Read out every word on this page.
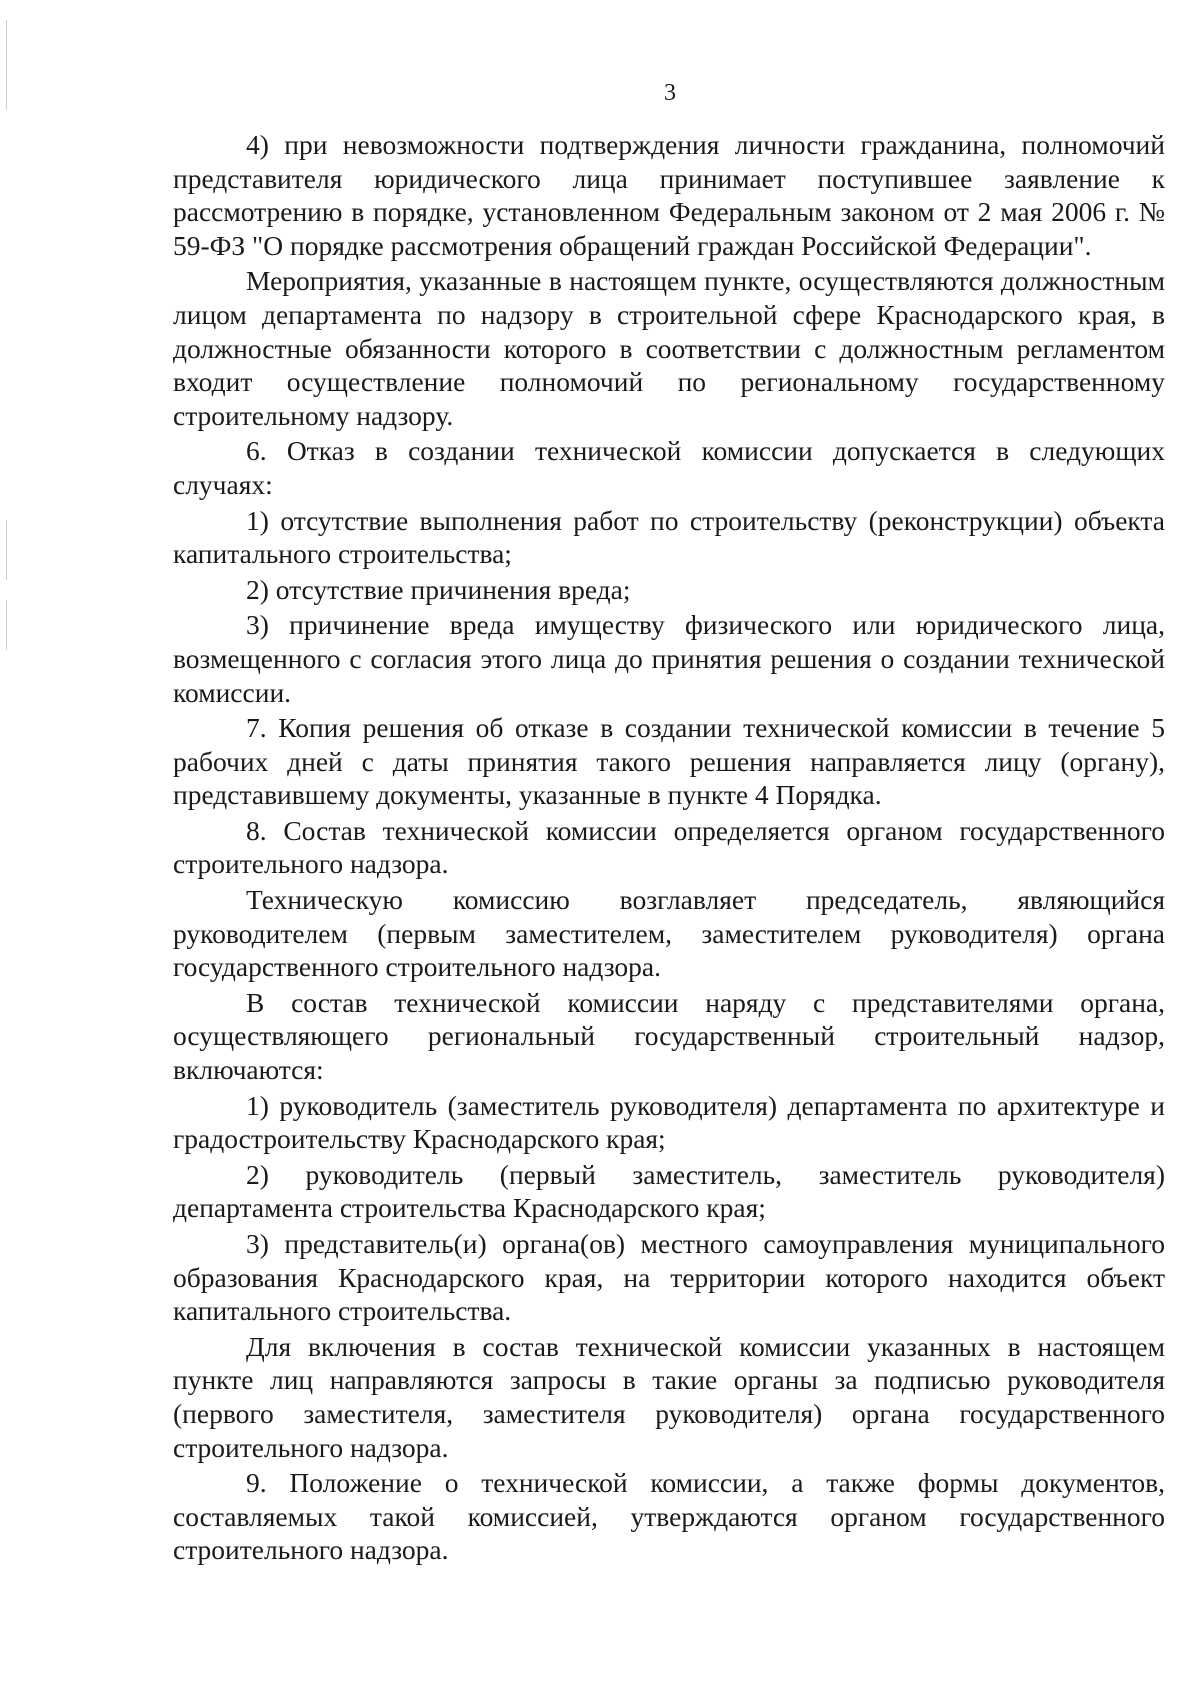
3

4) при невозможности подтверждения личности гражданина, полномочий представителя юридического лица принимает поступившее заявление к рассмотрению в порядке, установленном Федеральным законом от 2 мая 2006 г. № 59-ФЗ "О порядке рассмотрения обращений граждан Российской Федерации".

Мероприятия, указанные в настоящем пункте, осуществляются должностным лицом департамента по надзору в строительной сфере Краснодарского края, в должностные обязанности которого в соответствии с должностным регламентом входит осуществление полномочий по региональному государственному строительному надзору.

6. Отказ в создании технической комиссии допускается в следующих случаях:

1) отсутствие выполнения работ по строительству (реконструкции) объекта капитального строительства;

2) отсутствие причинения вреда;

3) причинение вреда имуществу физического или юридического лица, возмещенного с согласия этого лица до принятия решения о создании технической комиссии.

7. Копия решения об отказе в создании технической комиссии в течение 5 рабочих дней с даты принятия такого решения направляется лицу (органу), представившему документы, указанные в пункте 4 Порядка.

8. Состав технической комиссии определяется органом государственного строительного надзора.

Техническую комиссию возглавляет председатель, являющийся руководителем (первым заместителем, заместителем руководителя) органа государственного строительного надзора.

В состав технической комиссии наряду с представителями органа, осуществляющего региональный государственный строительный надзор, включаются:

1) руководитель (заместитель руководителя) департамента по архитектуре и градостроительству Краснодарского края;

2) руководитель (первый заместитель, заместитель руководителя) департамента строительства Краснодарского края;

3) представитель(и) органа(ов) местного самоуправления муниципального образования Краснодарского края, на территории которого находится объект капитального строительства.

Для включения в состав технической комиссии указанных в настоящем пункте лиц направляются запросы в такие органы за подписью руководителя (первого заместителя, заместителя руководителя) органа государственного строительного надзора.

9. Положение о технической комиссии, а также формы документов, составляемых такой комиссией, утверждаются органом государственного строительного надзора.
